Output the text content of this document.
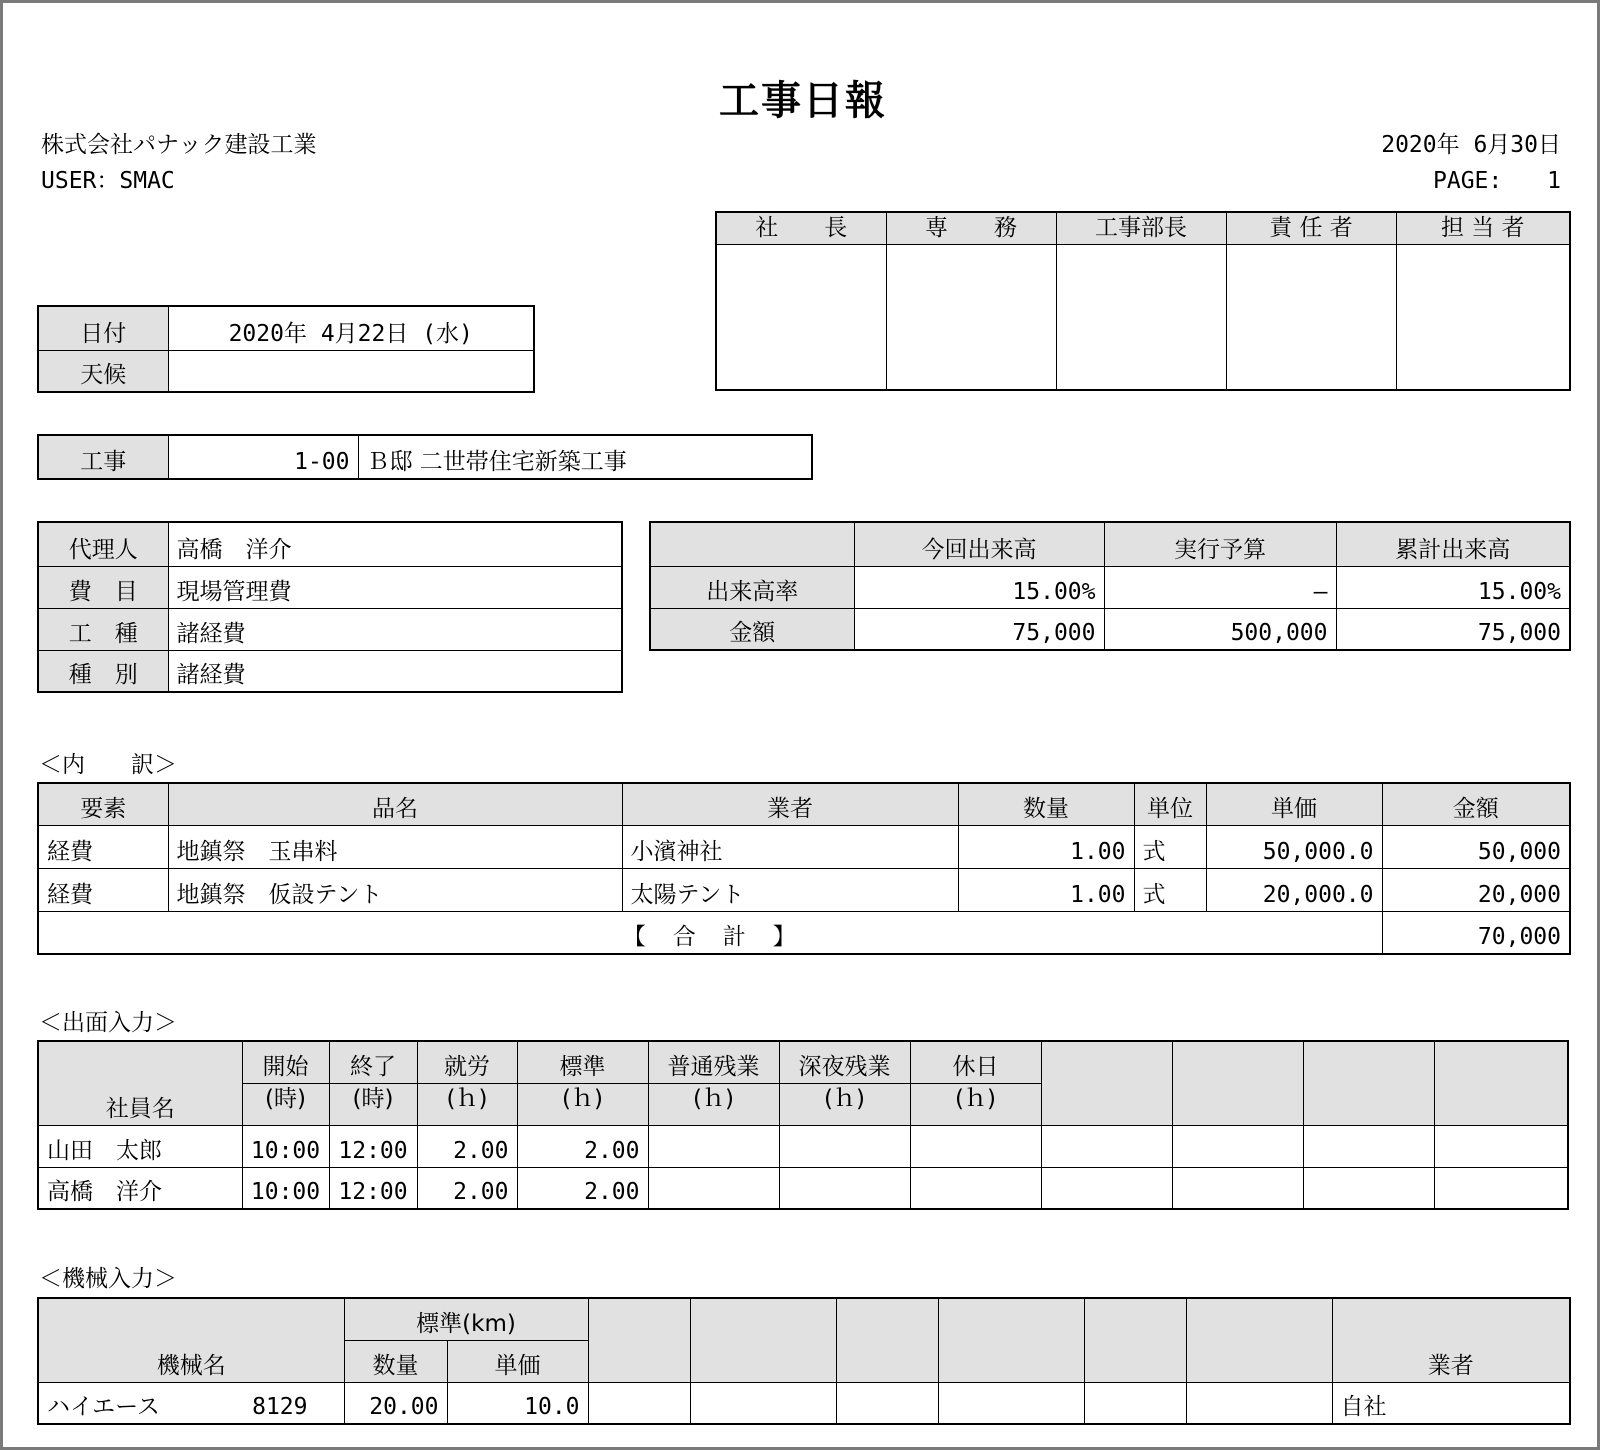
工事日報
株式会社パナック建設工業
USER：SMAC
2020年 6月30日
PAGE: 1
社　　長	専　　務	工事部長	責 任 者	担 当 者

日付	2020年 4月22日 (水)
天候	
工事	1-00	Ｂ邸 二世帯住宅新築工事
代理人	高橋　洋介
費　目	現場管理費
工　種	諸経費
種　別	諸経費
	今回出来高	実行予算	累計出来高
出来高率	15.00%	—	15.00%
金額	75,000	500,000	75,000
＜内　　訳＞
要素	品名	業者	数量	単位	単価	金額
経費	地鎮祭　玉串料	小濱神社	1.00	式	50,000.0	50,000
経費	地鎮祭　仮設テント	太陽テント	1.00	式	20,000.0	20,000
【　合　計　】						70,000
＜出面入力＞
社員名	開始	終了	就労	標準	普通残業	深夜残業	休日				
	(時)	(時)	(ｈ)	(ｈ)	(ｈ)	(ｈ)	(ｈ)				
山田　太郎	10:00	12:00	2.00	2.00							
高橋　洋介	10:00	12:00	2.00	2.00							
＜機械入力＞
機械名	標準(km)								業者
	数量	単価							
ハイエース 8129	20.00	10.0							自社
